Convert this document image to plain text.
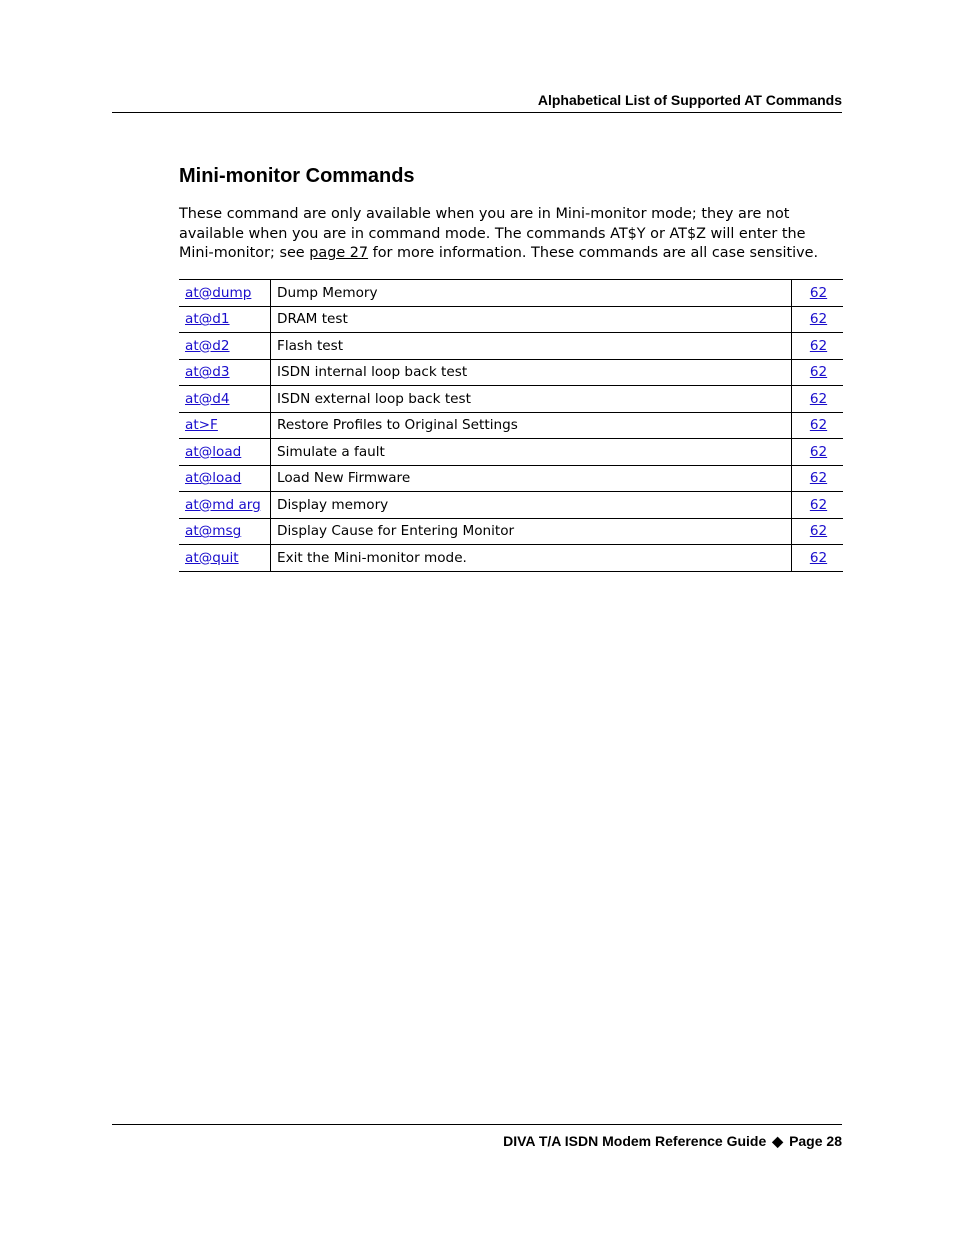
Alphabetical List of Supported AT Commands
Mini-monitor Commands

These command are only available when you are in Mini-monitor mode; they are not available when you are in command mode. The commands AT$Y or AT$Z will enter the Mini-monitor; see page 27 for more information. These commands are all case sensitive.

at@dump	Dump Memory	62
at@d1	DRAM test	62
at@d2	Flash test	62
at@d3	ISDN internal loop back test	62
at@d4	ISDN external loop back test	62
at>F	Restore Profiles to Original Settings	62
at@load	Simulate a fault	62
at@load	Load New Firmware	62
at@md arg	Display memory	62
at@msg	Display Cause for Entering Monitor	62
at@quit	Exit the Mini-monitor mode.	62
DIVA T/A ISDN Modem Reference Guide ◆ Page 28
